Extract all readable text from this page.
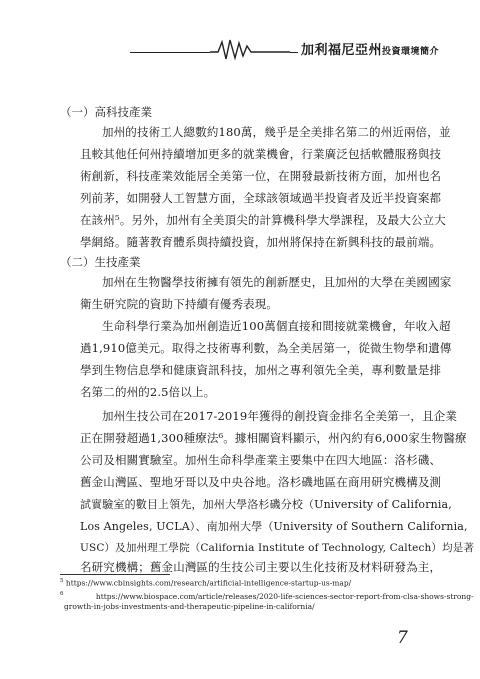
加利福尼亞州投資環境簡介
（一）高科技產業
加州的技術工人總數約180萬，幾乎是全美排名第二的州近兩倍，並
且較其他任何州持續增加更多的就業機會，行業廣泛包括軟體服務與技
術創新，科技產業效能居全美第一位，在開發最新技術方面，加州也名
列前茅，如開發人工智慧方面，全球該領域過半投資者及近半投資案都
在該州⁵。另外，加州有全美頂尖的計算機科學大學課程，及最大公立大
學網絡。隨著教育體系與持續投資，加州將保持在新興科技的最前端。
（二）生技產業
加州在生物醫學技術擁有領先的創新歷史，且加州的大學在美國國家
衛生研究院的資助下持續有優秀表現。
生命科學行業為加州創造近100萬個直接和間接就業機會，年收入超
過1,910億美元。取得之技術專利數，為全美居第一，從微生物學和遺傳
學到生物信息學和健康資訊科技，加州之專利領先全美，專利數量是排
名第二的州的2.5倍以上。
加州生技公司在2017-2019年獲得的創投資金排名全美第一，且企業
正在開發超過1,300種療法⁶。據相關資料顯示，州內約有6,000家生物醫療
公司及相關實驗室。加州生命科學產業主要集中在四大地區：洛杉磯、
舊金山灣區、聖地牙哥以及中央谷地。洛杉磯地區在商用研究機構及測
試實驗室的數目上領先，加州大學洛杉磯分校（University of California,
Los Angeles, UCLA）、南加州大學（University of Southern California,
USC）及加州理工學院（California Institute of Technology, Caltech）均是著
名研究機構；舊金山灣區的生技公司主要以生化技術及材料研發為主，
$^5$ https://www.cbinsights.com/research/artificial-intelligence-startup-us-map/
$^6$	https://www.biospace.com/article/releases/2020-life-sciences-sector-report-from-clsa-shows-strong-
growth-in-jobs-investments-and-therapeutic-pipeline-in-california/
7
